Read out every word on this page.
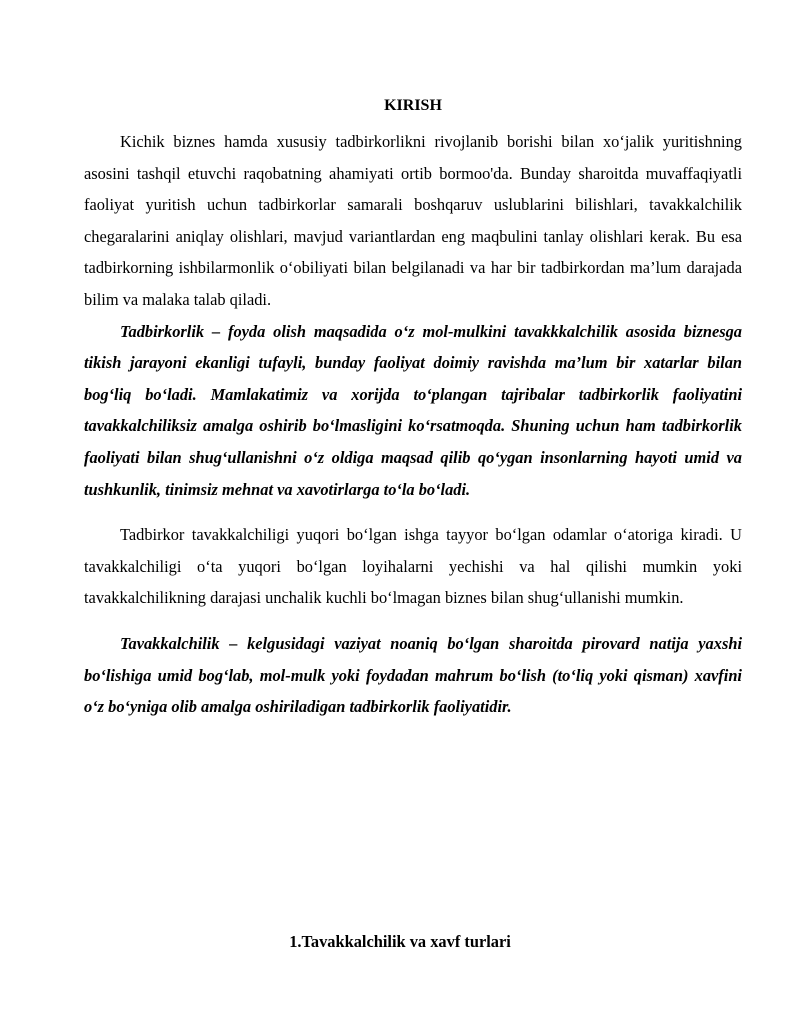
KIRISH

Kichik biznes hamda xususiy tadbirkorlikni rivojlanib borishi bilan xo‘jalik yuritishning asosini tashqil etuvchi raqobatning ahamiyati ortib bormoo'da. Bunday sharoitda muvaffaqiyatli faoliyat yuritish uchun tadbirkorlar samarali boshqaruv uslublarini bilishlari, tavakkalchilik chegaralarini aniqlay olishlari, mavjud variantlardan eng maqbulini tanlay olishlari kerak. Bu esa tadbirkorning ishbilarmonlik o‘obiliyati bilan belgilanadi va har bir tadbirkordan ma’lum darajada bilim va malaka talab qiladi.

Tadbirkorlik – foyda olish maqsadida o‘z mol-mulkini tavakkkalchilik asosida biznesga tikish jarayoni ekanligi tufayli, bunday faoliyat doimiy ravishda ma’lum bir xatarlar bilan bog‘liq bo‘ladi. Mamlakatimiz va xorijda to‘plangan tajribalar tadbirkorlik faoliyatini tavakkalchiliksiz amalga oshirib bo‘lmasligini ko‘rsatmoqda. Shuning uchun ham tadbirkorlik faoliyati bilan shug‘ullanishni o‘z oldiga maqsad qilib qo‘ygan insonlarning hayoti umid va tushkunlik, tinimsiz mehnat va xavotirlarga to‘la bo‘ladi.

Tadbirkor tavakkalchiligi yuqori bo‘lgan ishga tayyor bo‘lgan odamlar o‘atoriga kiradi. U tavakkalchiligi o‘ta yuqori bo‘lgan loyihalarni yechishi va hal qilishi mumkin yoki tavakkalchilikning darajasi unchalik kuchli bo‘lmagan biznes bilan shug‘ullanishi mumkin.

Tavakkalchilik – kelgusidagi vaziyat noaniq bo‘lgan sharoitda pirovard natija yaxshi bo‘lishiga umid bog‘lab, mol-mulk yoki foydadan mahrum bo‘lish (to‘liq yoki qisman) xavfini o‘z bo‘yniga olib amalga oshiriladigan tadbirkorlik faoliyatidir.

1.Tavakkalchilik va xavf turlari
